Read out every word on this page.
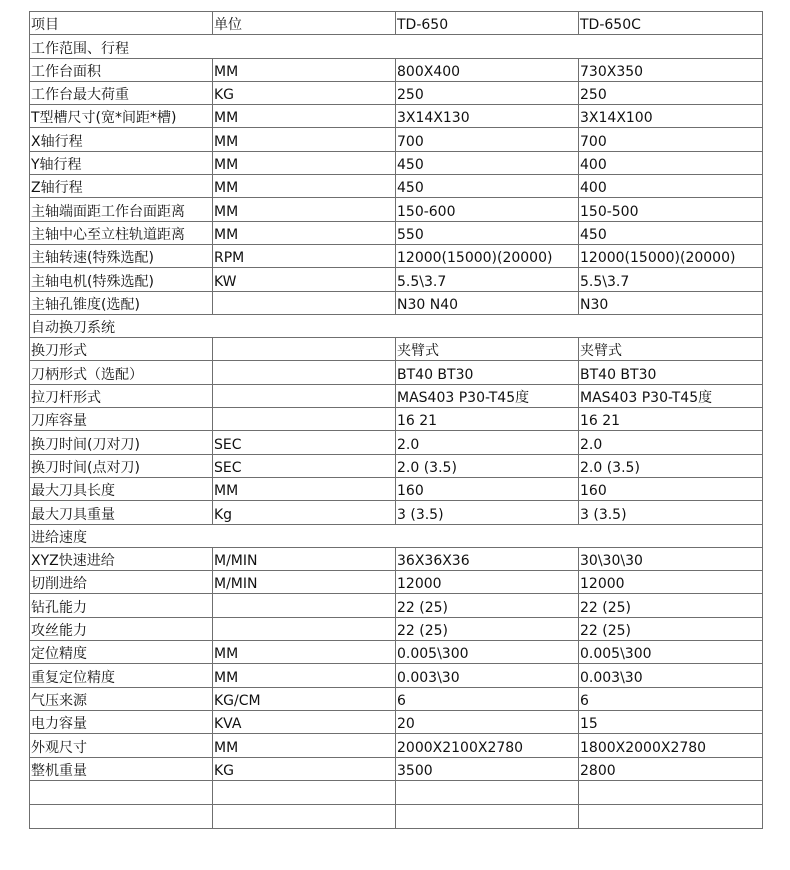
项目	单位	TD-650	TD-650C
工作范围、行程			
工作台面积	MM	800X400	730X350
工作台最大荷重	KG	250	250
T型槽尺寸(宽*间距*槽)	MM	3X14X130	3X14X100
X轴行程	MM	700	700
Y轴行程	MM	450	400
Z轴行程	MM	450	400
主轴端面距工作台面距离	MM	150-600	150-500
主轴中心至立柱轨道距离	MM	550	450
主轴转速(特殊选配)	RPM	12000(15000)(20000)	12000(15000)(20000)
主轴电机(特殊选配)	KW	5.5\3.7	5.5\3.7
主轴孔锥度(选配)		N30 N40	N30
自动换刀系统			
换刀形式		夹臂式	夹臂式
刀柄形式（选配）		BT40 BT30	BT40 BT30
拉刀杆形式		MAS403 P30-T45度	MAS403 P30-T45度
刀库容量		16 21	16 21
换刀时间(刀对刀)	SEC	2.0	2.0
换刀时间(点对刀)	SEC	2.0 (3.5)	2.0 (3.5)
最大刀具长度	MM	160	160
最大刀具重量	Kg	3 (3.5)	3 (3.5)
进给速度			
XYZ快速进给	M/MIN	36X36X36	30\30\30
切削进给	M/MIN	12000	12000
钻孔能力		22 (25)	22 (25)
攻丝能力		22 (25)	22 (25)
定位精度	MM	0.005\300	0.005\300
重复定位精度	MM	0.003\30	0.003\30
气压来源	KG/CM	6	6
电力容量	KVA	20	15
外观尺寸	MM	2000X2100X2780	1800X2000X2780
整机重量	KG	3500	2800
